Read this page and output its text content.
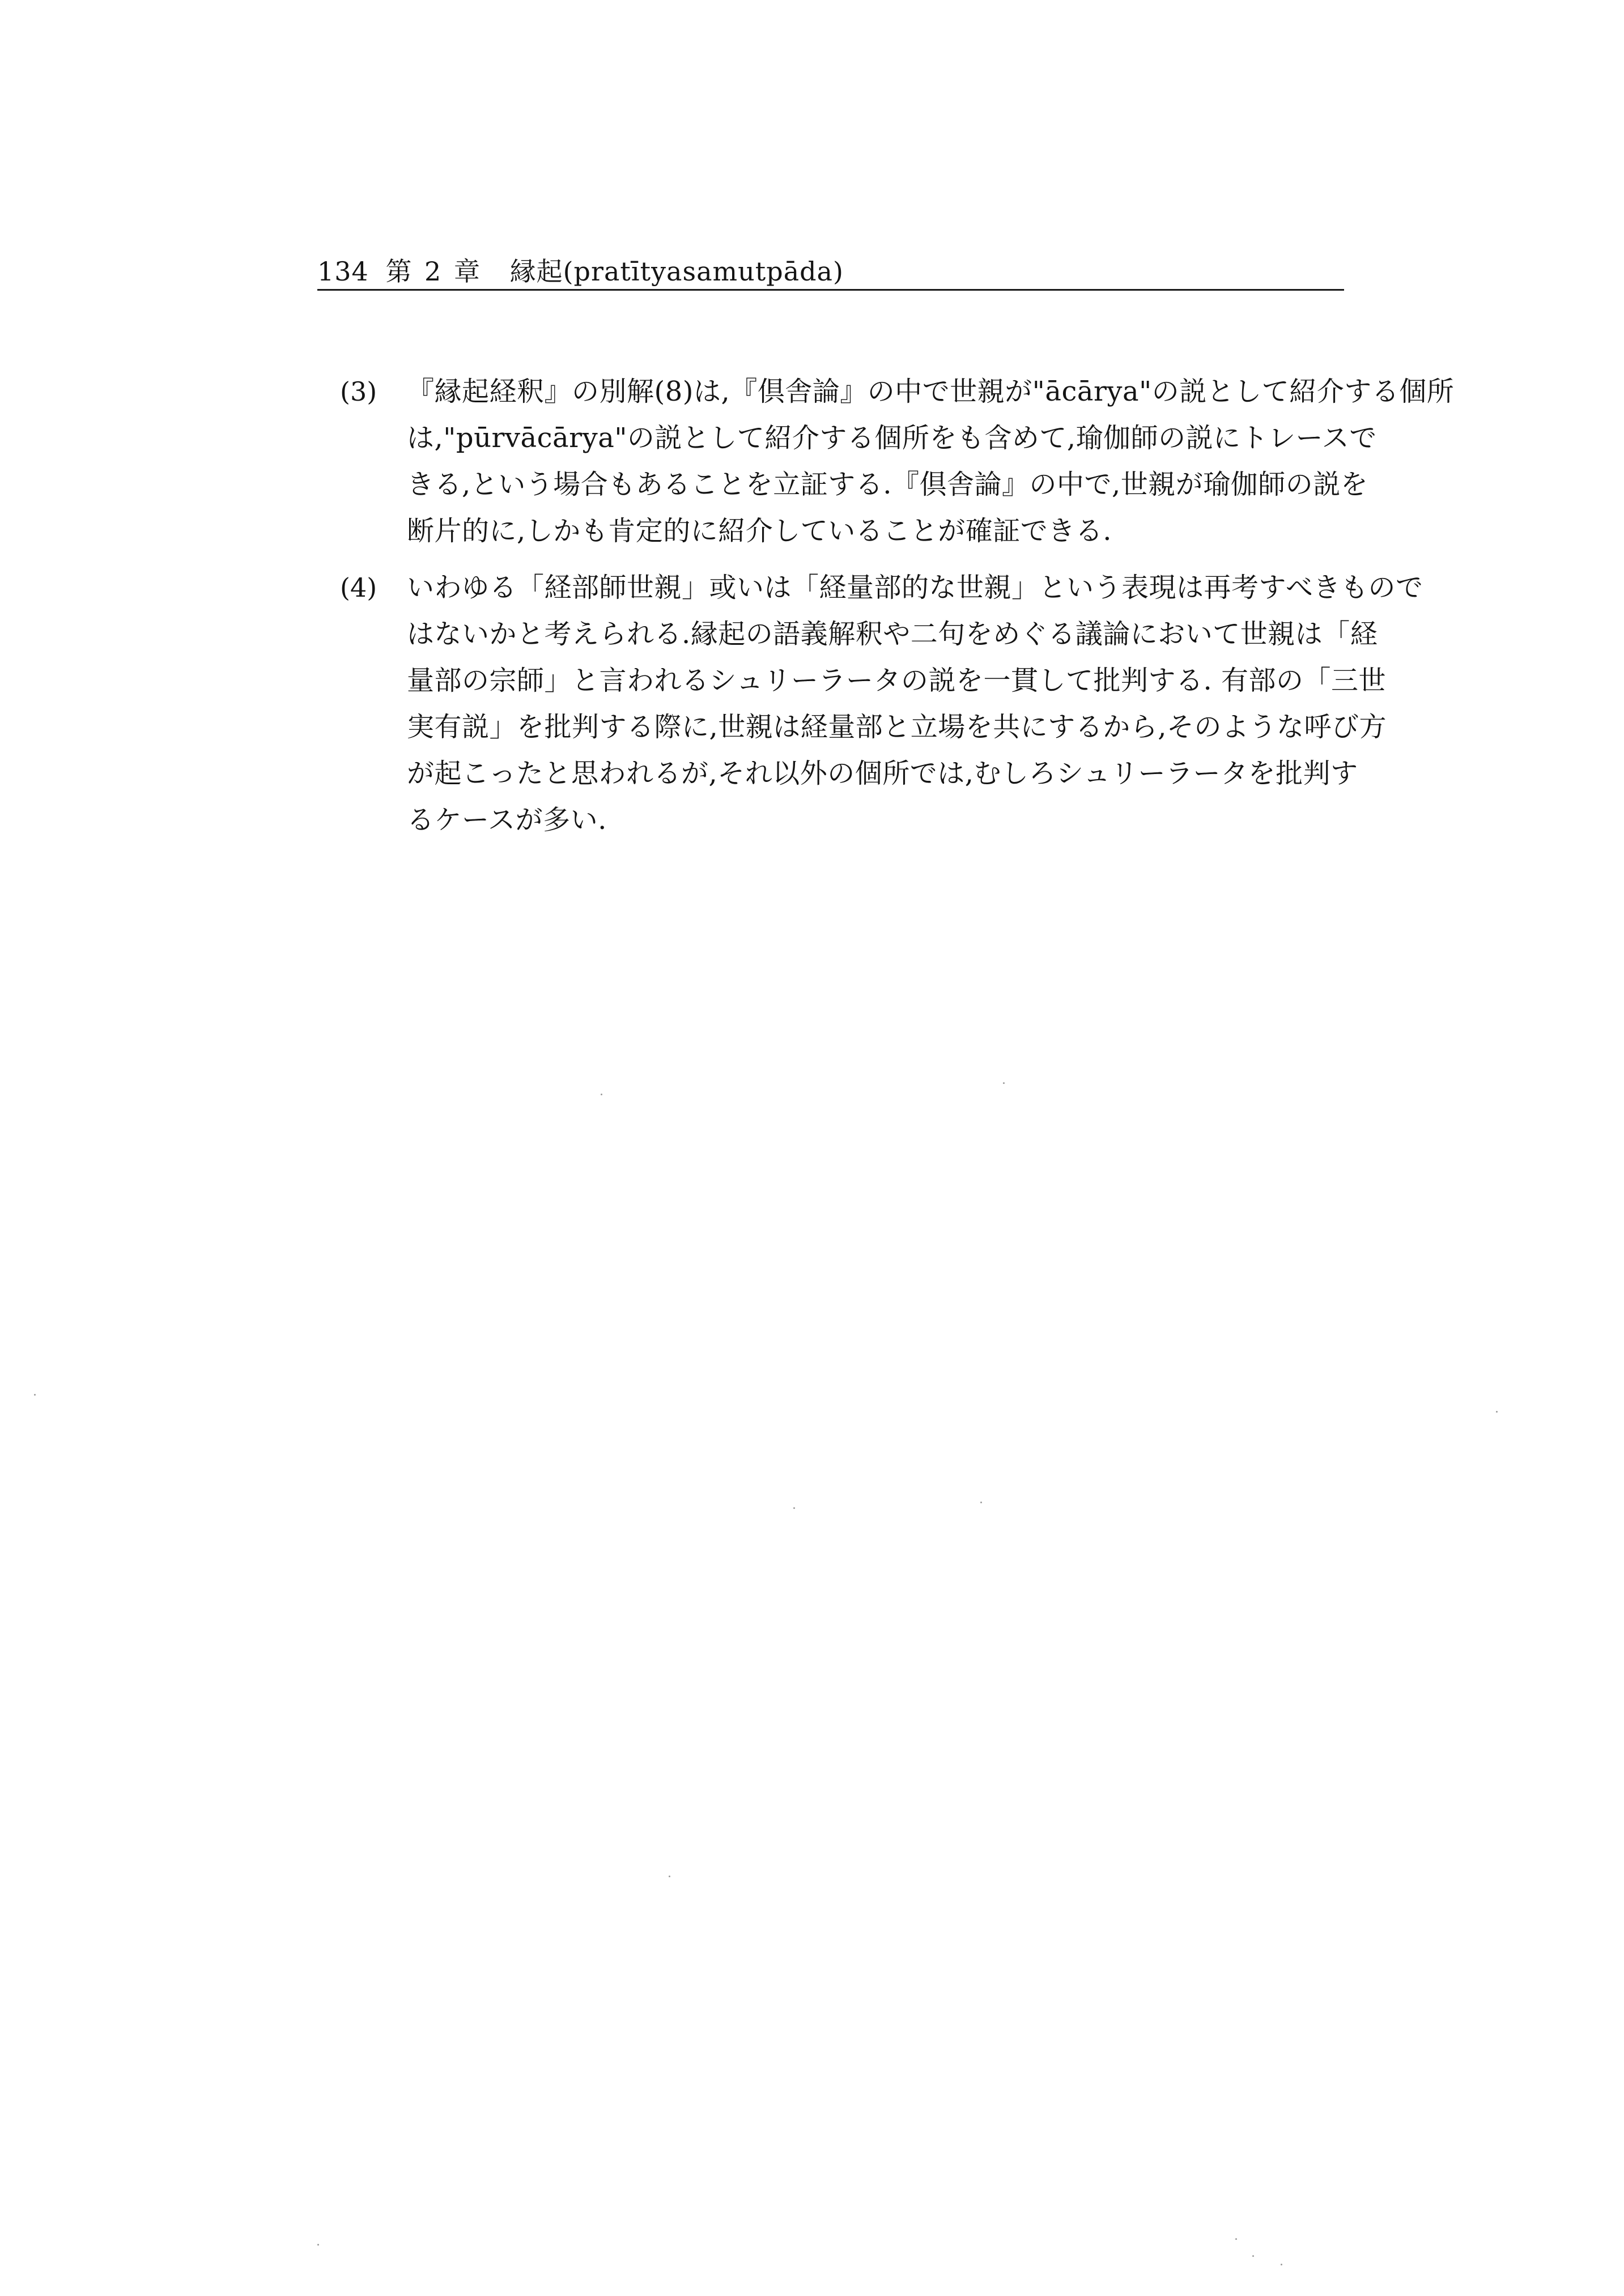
134 第 2 章 縁起(pratītyasamutpāda)
(3) 『縁起経釈』の別解(8)は,『倶舎論』の中で世親が"ācārya"の説として紹介する個所
は,"pūrvācārya"の説として紹介する個所をも含めて,瑜伽師の説にトレースで
きる,という場合もあることを立証する.『倶舎論』の中で,世親が瑜伽師の説を
断片的に,しかも肯定的に紹介していることが確証できる.
(4) いわゆる「経部師世親」或いは「経量部的な世親」という表現は再考すべきもので
はないかと考えられる.縁起の語義解釈や二句をめぐる議論において世親は「経
量部の宗師」と言われるシュリーラータの説を一貫して批判する. 有部の「三世
実有説」を批判する際に,世親は経量部と立場を共にするから,そのような呼び方
が起こったと思われるが,それ以外の個所では,むしろシュリーラータを批判す
るケースが多い.
